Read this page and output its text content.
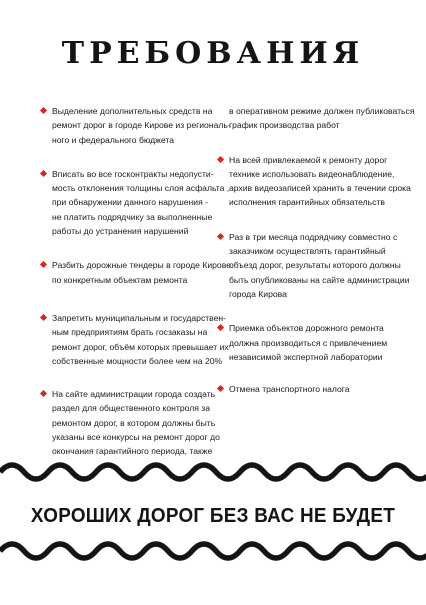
ТРЕБОВАНИЯ
Выделение дополнительных средств на
ремонт дорог в городе Кирове из региональ-
ного и федерального бюджета
Вписать во все госконтракты недопусти-
мость отклонения толщины слоя асфальта ,
при обнаружении данного нарушения -
не платить подрядчику за выполненные
работы до устранения нарушений
Разбить дорожные тендеры в городе Кирове
по конкретным объектам ремонта
Запретить муниципальным и государствен-
ным предприятиям брать госзаказы на
ремонт дорог, объём которых превышает их
собственные мощности более чем на 20%
На сайте администрации города создать
раздел для общественного контроля за
ремонтом дорог, в котором должны быть
указаны все конкурсы на ремонт дорог до
окончания гарантийного периода, также
в оперативном режиме должен публиковаться
график производства работ
На всей привлекаемой к ремонту дорог
технике использовать видеонаблюдение,
архив видеозаписей хранить в течении срока
исполнения гарантийных обязательств
Раз в три месяца подрядчику совместно с
заказчиком осуществлять гарантийный
объезд дорог, результаты которого должны
быть опубликованы на сайте администрации
города Кирова
Приемка объектов дорожного ремонта
должна производиться с привлечением
независимой экспертной лаборатории
Отмена транспортного налога
ХОРОШИХ ДОРОГ БЕЗ ВАС НЕ БУДЕТ
